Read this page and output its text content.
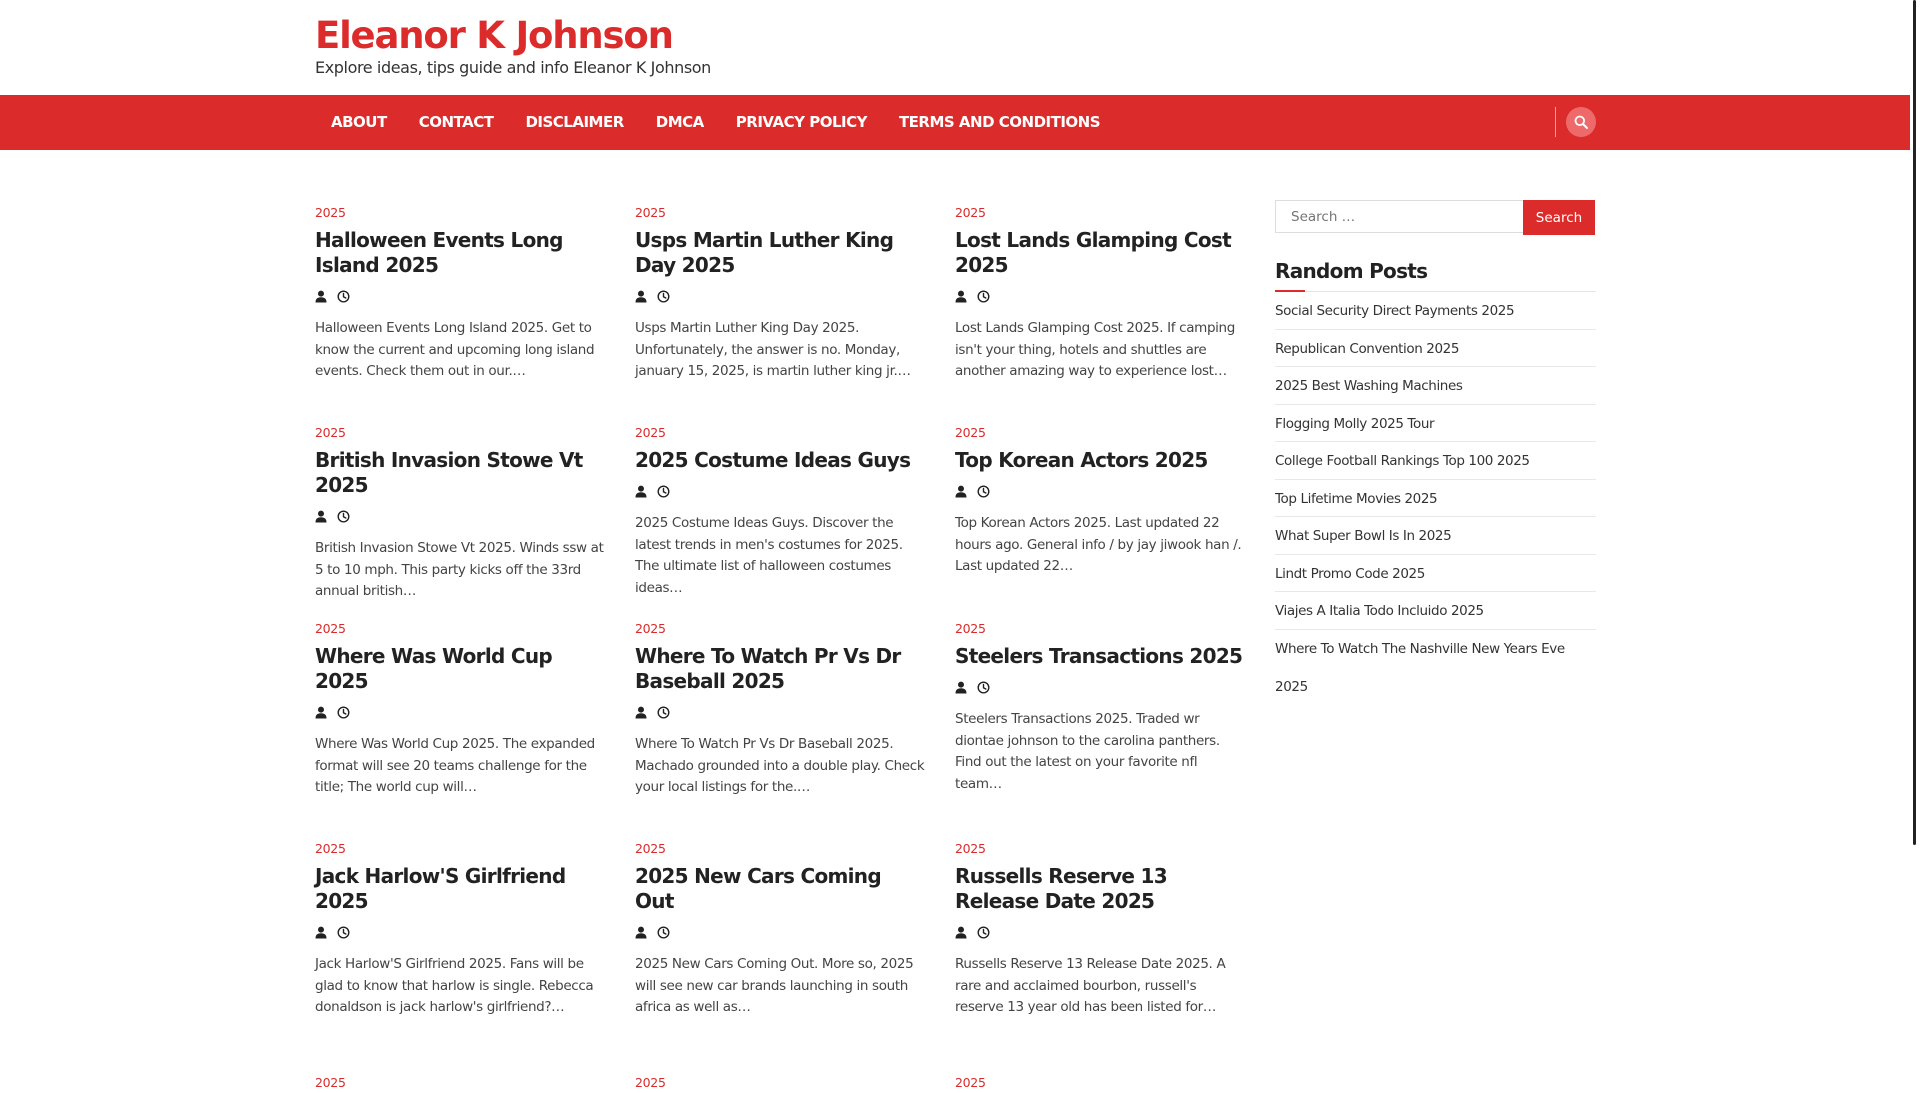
Eleanor K Johnson
Explore ideas, tips guide and info Eleanor K Johnson
ABOUT	CONTACT	DISCLAIMER	DMCA	PRIVACY POLICY	TERMS AND CONDITIONS
2025
Halloween Events Long Island 2025
Halloween Events Long Island 2025. Get to know the current and upcoming long island events. Check them out in our.…
2025
Usps Martin Luther King Day 2025
Usps Martin Luther King Day 2025. Unfortunately, the answer is no. Monday, january 15, 2025, is martin luther king jr.…
2025
Lost Lands Glamping Cost 2025
Lost Lands Glamping Cost 2025. If camping isn't your thing, hotels and shuttles are another amazing way to experience lost…
2025
British Invasion Stowe Vt 2025
British Invasion Stowe Vt 2025. Winds ssw at 5 to 10 mph. This party kicks off the 33rd annual british…
2025
2025 Costume Ideas Guys
2025 Costume Ideas Guys. Discover the latest trends in men's costumes for 2025. The ultimate list of halloween costumes ideas…
2025
Top Korean Actors 2025
Top Korean Actors 2025. Last updated 22 hours ago. General info / by jay jiwook han /. Last updated 22…
2025
Where Was World Cup 2025
Where Was World Cup 2025. The expanded format will see 20 teams challenge for the title; The world cup will…
2025
Where To Watch Pr Vs Dr Baseball 2025
Where To Watch Pr Vs Dr Baseball 2025. Machado grounded into a double play. Check your local listings for the.…
2025
Steelers Transactions 2025
Steelers Transactions 2025. Traded wr diontae johnson to the carolina panthers. Find out the latest on your favorite nfl team…
2025
Jack Harlow'S Girlfriend 2025
Jack Harlow'S Girlfriend 2025. Fans will be glad to know that harlow is single. Rebecca donaldson is jack harlow's girlfriend?…
2025
2025 New Cars Coming Out
2025 New Cars Coming Out. More so, 2025 will see new car brands launching in south africa as well as…
2025
Russells Reserve 13 Release Date 2025
Russells Reserve 13 Release Date 2025. A rare and acclaimed bourbon, russell's reserve 13 year old has been listed for…
2025	2025	2025
Search …
Search
Random Posts
Social Security Direct Payments 2025
Republican Convention 2025
2025 Best Washing Machines
Flogging Molly 2025 Tour
College Football Rankings Top 100 2025
Top Lifetime Movies 2025
What Super Bowl Is In 2025
Lindt Promo Code 2025
Viajes A Italia Todo Incluido 2025
Where To Watch The Nashville New Years Eve 2025
